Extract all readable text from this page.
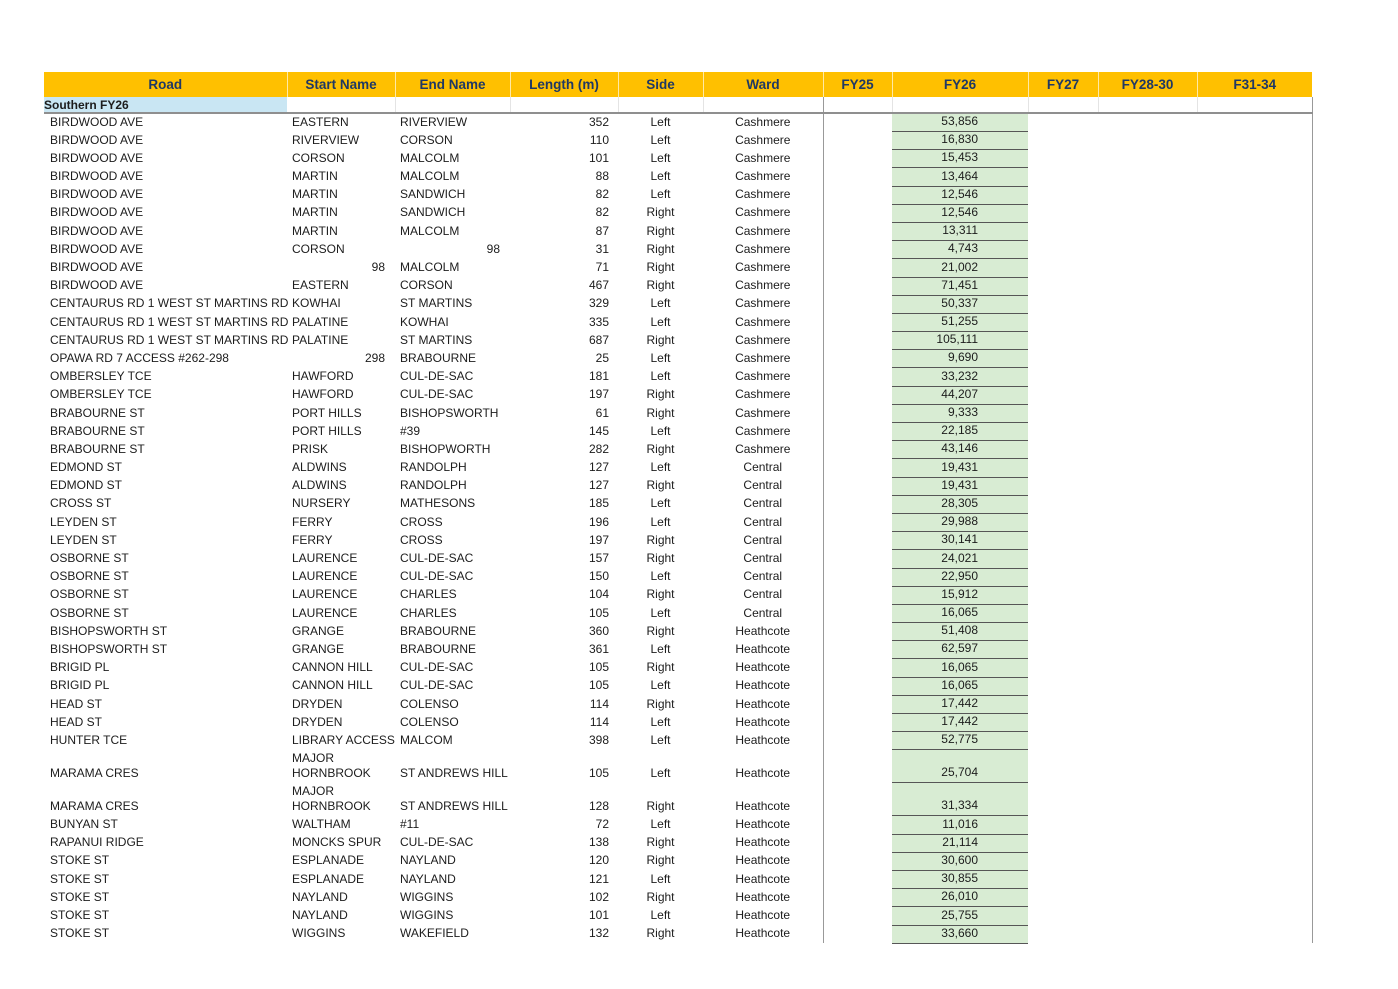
Road	Start Name	End Name	Length (m)	Side	Ward	FY25	FY26	FY27	FY28-30	F31-34
Southern FY26										
BIRDWOOD AVE	EASTERN	RIVERVIEW	352	Left	Cashmere		53,856			
BIRDWOOD AVE	RIVERVIEW	CORSON	110	Left	Cashmere		16,830			
BIRDWOOD AVE	CORSON	MALCOLM	101	Left	Cashmere		15,453			
BIRDWOOD AVE	MARTIN	MALCOLM	88	Left	Cashmere		13,464			
BIRDWOOD AVE	MARTIN	SANDWICH	82	Left	Cashmere		12,546			
BIRDWOOD AVE	MARTIN	SANDWICH	82	Right	Cashmere		12,546			
BIRDWOOD AVE	MARTIN	MALCOLM	87	Right	Cashmere		13,311			
BIRDWOOD AVE	CORSON	98	31	Right	Cashmere		4,743			
BIRDWOOD AVE	98	MALCOLM	71	Right	Cashmere		21,002			
BIRDWOOD AVE	EASTERN	CORSON	467	Right	Cashmere		71,451			
CENTAURUS RD 1 WEST ST MARTINS RD	KOWHAI	ST MARTINS	329	Left	Cashmere		50,337			
CENTAURUS RD 1 WEST ST MARTINS RD	PALATINE	KOWHAI	335	Left	Cashmere		51,255			
CENTAURUS RD 1 WEST ST MARTINS RD	PALATINE	ST MARTINS	687	Right	Cashmere		105,111			
OPAWA RD 7 ACCESS #262-298	298	BRABOURNE	25	Left	Cashmere		9,690			
OMBERSLEY TCE	HAWFORD	CUL-DE-SAC	181	Left	Cashmere		33,232			
OMBERSLEY TCE	HAWFORD	CUL-DE-SAC	197	Right	Cashmere		44,207			
BRABOURNE ST	PORT HILLS	BISHOPSWORTH	61	Right	Cashmere		9,333			
BRABOURNE ST	PORT HILLS	#39	145	Left	Cashmere		22,185			
BRABOURNE ST	PRISK	BISHOPWORTH	282	Right	Cashmere		43,146			
EDMOND ST	ALDWINS	RANDOLPH	127	Left	Central		19,431			
EDMOND ST	ALDWINS	RANDOLPH	127	Right	Central		19,431			
CROSS ST	NURSERY	MATHESONS	185	Left	Central		28,305			
LEYDEN ST	FERRY	CROSS	196	Left	Central		29,988			
LEYDEN ST	FERRY	CROSS	197	Right	Central		30,141			
OSBORNE ST	LAURENCE	CUL-DE-SAC	157	Right	Central		24,021			
OSBORNE ST	LAURENCE	CUL-DE-SAC	150	Left	Central		22,950			
OSBORNE ST	LAURENCE	CHARLES	104	Right	Central		15,912			
OSBORNE ST	LAURENCE	CHARLES	105	Left	Central		16,065			
BISHOPSWORTH ST	GRANGE	BRABOURNE	360	Right	Heathcote		51,408			
BISHOPSWORTH ST	GRANGE	BRABOURNE	361	Left	Heathcote		62,597			
BRIGID PL	CANNON HILL	CUL-DE-SAC	105	Right	Heathcote		16,065			
BRIGID PL	CANNON HILL	CUL-DE-SAC	105	Left	Heathcote		16,065			
HEAD ST	DRYDEN	COLENSO	114	Right	Heathcote		17,442			
HEAD ST	DRYDEN	COLENSO	114	Left	Heathcote		17,442			
HUNTER TCE	LIBRARY ACCESS	MALCOM	398	Left	Heathcote		52,775			
MARAMA CRES	MAJOR HORNBROOK	ST ANDREWS HILL	105	Left	Heathcote		25,704			
MARAMA CRES	MAJOR HORNBROOK	ST ANDREWS HILL	128	Right	Heathcote		31,334			
BUNYAN ST	WALTHAM	#11	72	Left	Heathcote		11,016			
RAPANUI RIDGE	MONCKS SPUR	CUL-DE-SAC	138	Right	Heathcote		21,114			
STOKE ST	ESPLANADE	NAYLAND	120	Right	Heathcote		30,600			
STOKE ST	ESPLANADE	NAYLAND	121	Left	Heathcote		30,855			
STOKE ST	NAYLAND	WIGGINS	102	Right	Heathcote		26,010			
STOKE ST	NAYLAND	WIGGINS	101	Left	Heathcote		25,755			
STOKE ST	WIGGINS	WAKEFIELD	132	Right	Heathcote		33,660			
